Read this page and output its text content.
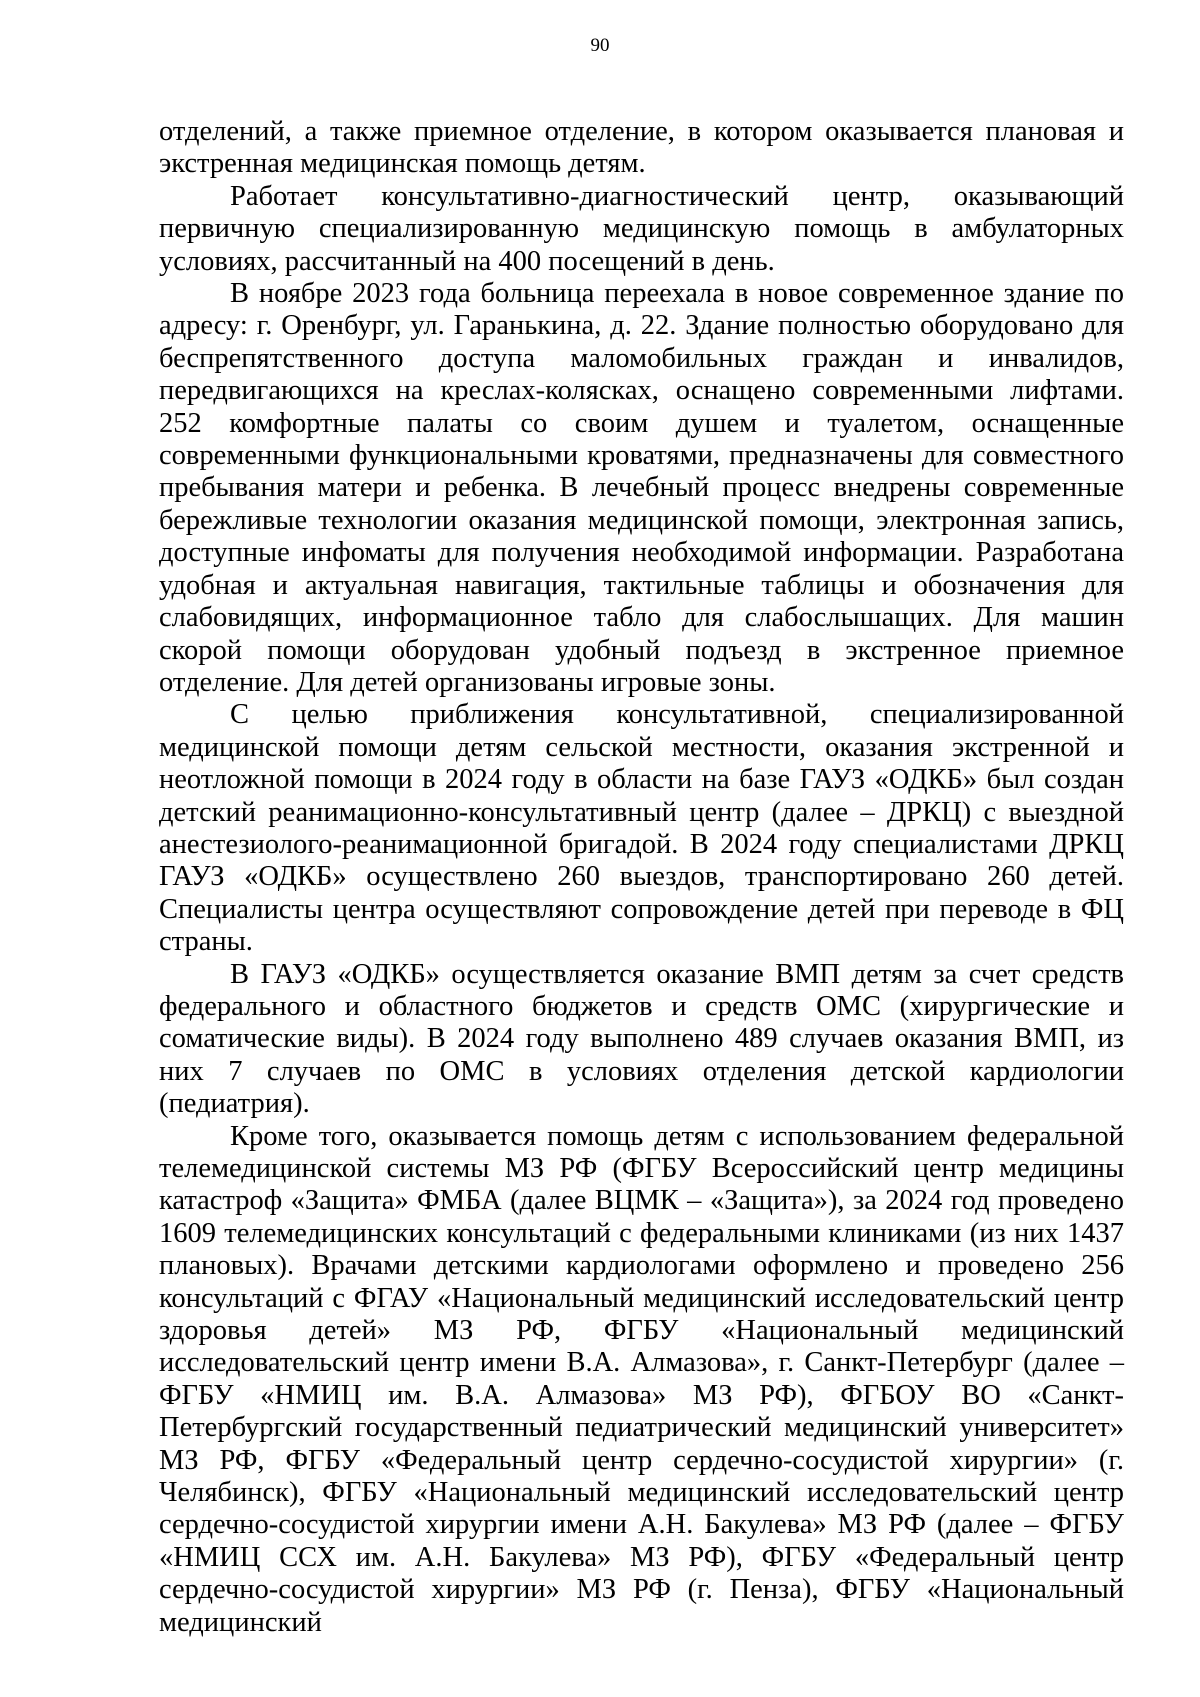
90

отделений, а также приемное отделение, в котором оказывается плановая и экстренная медицинская помощь детям.

Работает консультативно-диагностический центр, оказывающий первичную специализированную медицинскую помощь в амбулаторных условиях, рассчитанный на 400 посещений в день.

В ноябре 2023 года больница переехала в новое современное здание по адресу: г. Оренбург, ул. Гаранькина, д. 22. Здание полностью оборудовано для беспрепятственного доступа маломобильных граждан и инвалидов, передвигающихся на креслах-колясках, оснащено современными лифтами. 252 комфортные палаты со своим душем и туалетом, оснащенные современными функциональными кроватями, предназначены для совместного пребывания матери и ребенка. В лечебный процесс внедрены современные бережливые технологии оказания медицинской помощи, электронная запись, доступные инфоматы для получения необходимой информации. Разработана удобная и актуальная навигация, тактильные таблицы и обозначения для слабовидящих, информационное табло для слабослышащих. Для машин скорой помощи оборудован удобный подъезд в экстренное приемное отделение. Для детей организованы игровые зоны.

С целью приближения консультативной, специализированной медицинской помощи детям сельской местности, оказания экстренной и неотложной помощи в 2024 году в области на базе ГАУЗ «ОДКБ» был создан детский реанимационно-консультативный центр (далее – ДРКЦ) с выездной анестезиолого-реанимационной бригадой. В 2024 году специалистами ДРКЦ ГАУЗ «ОДКБ» осуществлено 260 выездов, транспортировано 260 детей. Специалисты центра осуществляют сопровождение детей при переводе в ФЦ страны.

В ГАУЗ «ОДКБ» осуществляется оказание ВМП детям за счет средств федерального и областного бюджетов и средств ОМС (хирургические и соматические виды). В 2024 году выполнено 489 случаев оказания ВМП, из них 7 случаев по ОМС в условиях отделения детской кардиологии (педиатрия).

Кроме того, оказывается помощь детям с использованием федеральной телемедицинской системы МЗ РФ (ФГБУ Всероссийский центр медицины катастроф «Защита» ФМБА (далее ВЦМК – «Защита»), за 2024 год проведено 1609 телемедицинских консультаций с федеральными клиниками (из них 1437 плановых). Врачами детскими кардиологами оформлено и проведено 256 консультаций с ФГАУ «Национальный медицинский исследовательский центр здоровья детей» МЗ РФ, ФГБУ «Национальный медицинский исследовательский центр имени В.А. Алмазова», г. Санкт-Петербург (далее – ФГБУ «НМИЦ им. В.А. Алмазова» МЗ РФ), ФГБОУ ВО «Санкт-Петербургский государственный педиатрический медицинский университет» МЗ РФ, ФГБУ «Федеральный центр сердечно-сосудистой хирургии» (г. Челябинск), ФГБУ «Национальный медицинский исследовательский центр сердечно-сосудистой хирургии имени А.Н. Бакулева» МЗ РФ (далее – ФГБУ «НМИЦ ССХ им. А.Н. Бакулева» МЗ РФ), ФГБУ «Федеральный центр сердечно-сосудистой хирургии» МЗ РФ (г. Пенза), ФГБУ «Национальный медицинский
